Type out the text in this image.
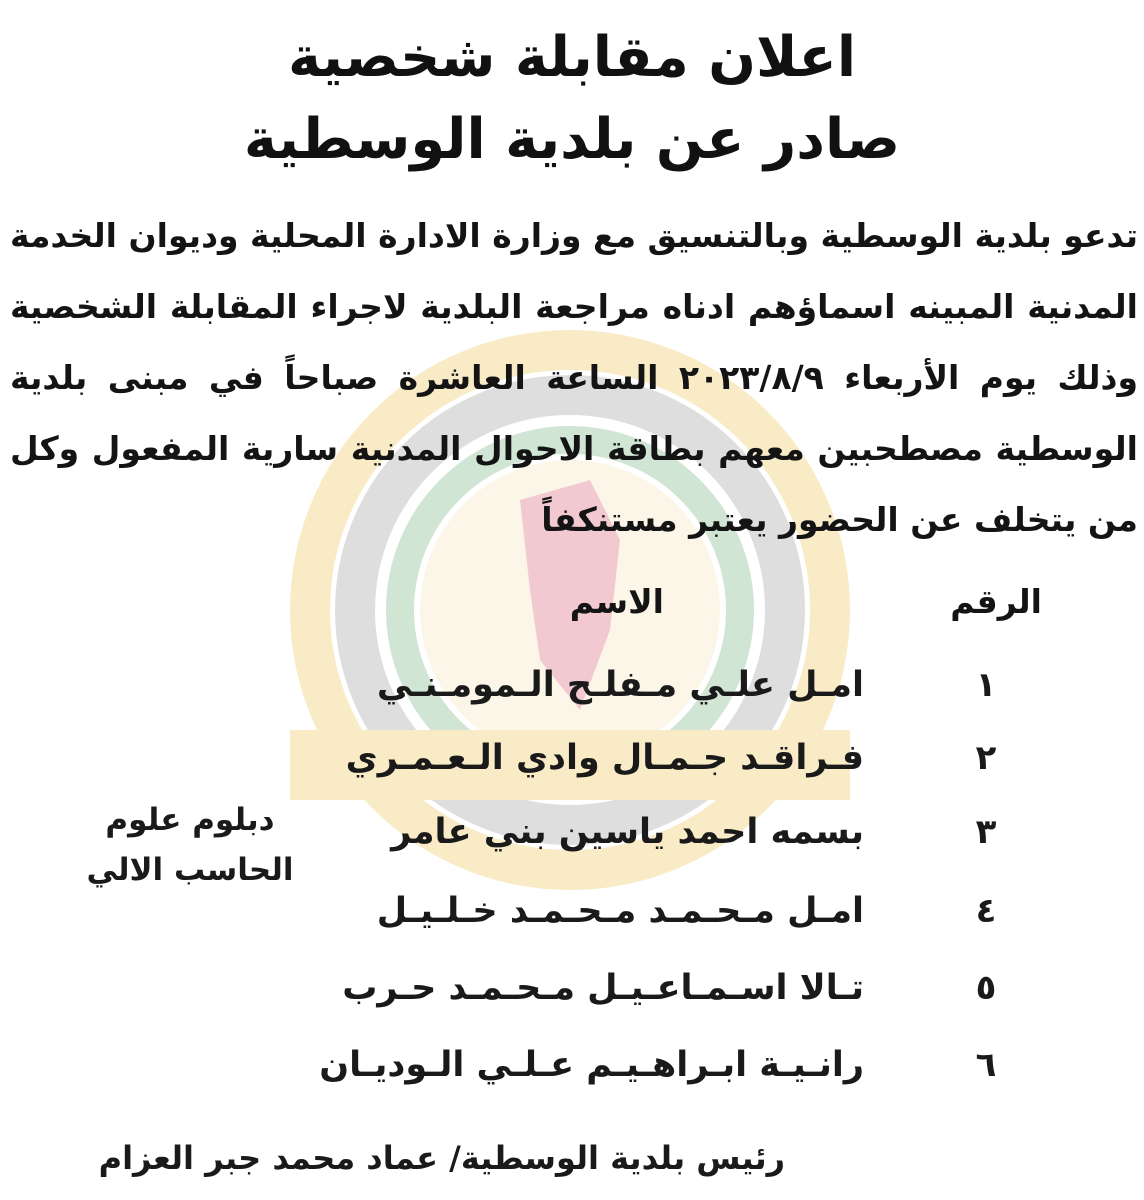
اعلان مقابلة شخصية
صادر عن بلدية الوسطية
تدعو بلدية الوسطية وبالتنسيق مع وزارة الادارة المحلية وديوان الخدمة المدنية المبينه اسماؤهم ادناه مراجعة البلدية لاجراء المقابلة الشخصية وذلك يوم الأربعاء ٢٠٢٣/٨/٩ الساعة العاشرة صباحاً في مبنى بلدية الوسطية مصطحبين معهم بطاقة الاحوال المدنية سارية المفعول وكل من يتخلف عن الحضور يعتبر مستنكفاً
الرقم
الاسم
١
امـل علـي مـفلـح الـمومـنـي
٢
فـراقـد جـمـال وادي الـعـمـري
٣
بسمه احمد ياسين بني عامر
٤
امـل مـحـمـد مـحـمـد خـلـيـل
٥
تـالا اسـمـاعـيـل مـحـمـد حـرب
٦
رانـيـة ابـراهـيـم عـلـي الـوديـان
دبلوم علوم
الحاسب الالي
رئيس بلدية الوسطية/ عماد محمد جبر العزام
